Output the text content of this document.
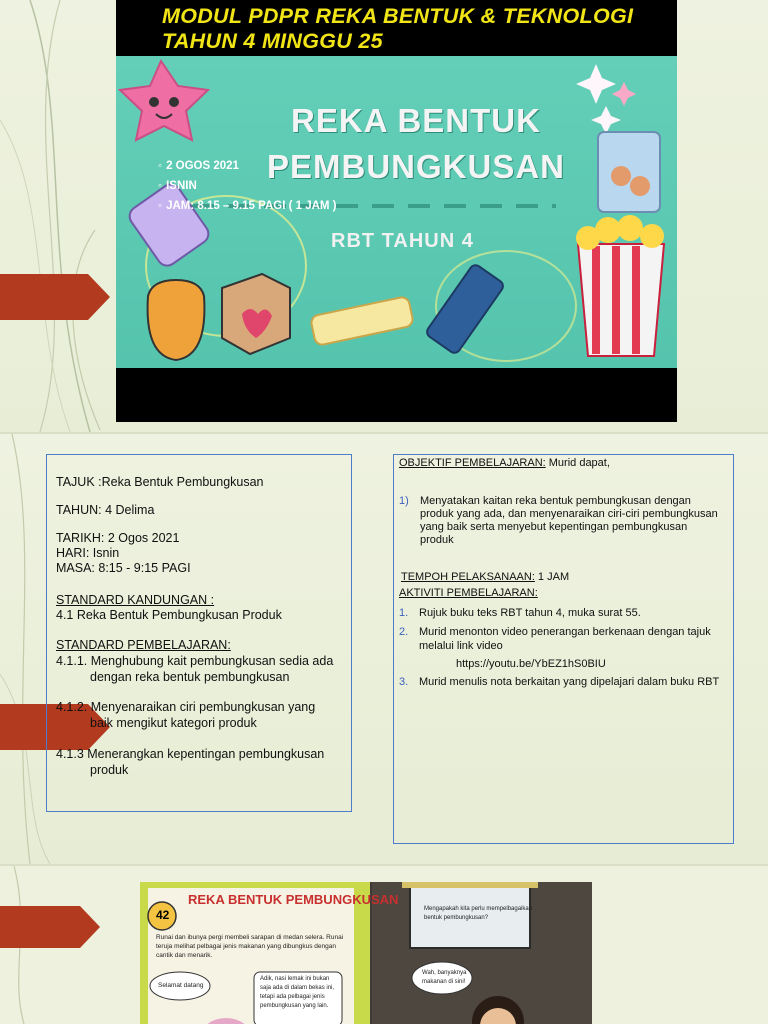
MODUL PDPR REKA BENTUK & TEKNOLOGI
TAHUN 4 MINGGU 25
REKA BENTUK
PEMBUNGKUSAN
RBT TAHUN 4
◦ 2 OGOS 2021
◦ ISNIN
◦ JAM: 8.15 – 9.15 PAGI ( 1 JAM )
TAJUK :Reka Bentuk Pembungkusan
TAHUN: 4 Delima
TARIKH: 2 Ogos 2021
HARI: Isnin
MASA: 8:15 - 9:15 PAGI
STANDARD KANDUNGAN :
4.1 Reka Bentuk Pembungkusan Produk
STANDARD PEMBELAJARAN:
4.1.1. Menghubung kait pembungkusan sedia ada
dengan reka bentuk pembungkusan
4.1.2. Menyenaraikan ciri pembungkusan yang
baik mengikut kategori produk
4.1.3 Menerangkan kepentingan pembungkusan
produk
OBJEKTIF PEMBELAJARAN: Murid dapat,
1)	Menyatakan kaitan reka bentuk pembungkusan dengan
produk yang ada, dan menyenaraikan ciri-ciri pembungkusan
yang baik serta menyebut kepentingan pembungkusan
produk
TEMPOH PELAKSANAAN: 1 JAM
AKTIVITI PEMBELAJARAN:
1. Rujuk buku teks RBT tahun 4, muka surat 55.
2. Murid menonton video penerangan berkenaan dengan tajuk
melalui link video
https://youtu.be/YbEZ1hS0BIU
3. Murid menulis nota berkaitan yang dipelajari dalam buku RBT
42
REKA BENTUK PEMBUNGKUSAN
Runai dan ibunya pergi membeli sarapan di medan selera. Runai
teruja melihat pelbagai jenis makanan yang dibungkus dengan
cantik dan menarik.
Selamat datang
Adik, nasi lemak ini bukan
saja ada di dalam bekas ini,
tetapi ada pelbagai jenis
pembungkusan yang lain.
Mengapakah kita perlu mempelbagaikan
bentuk pembungkusan?
Wah, banyaknya
makanan di sini!
